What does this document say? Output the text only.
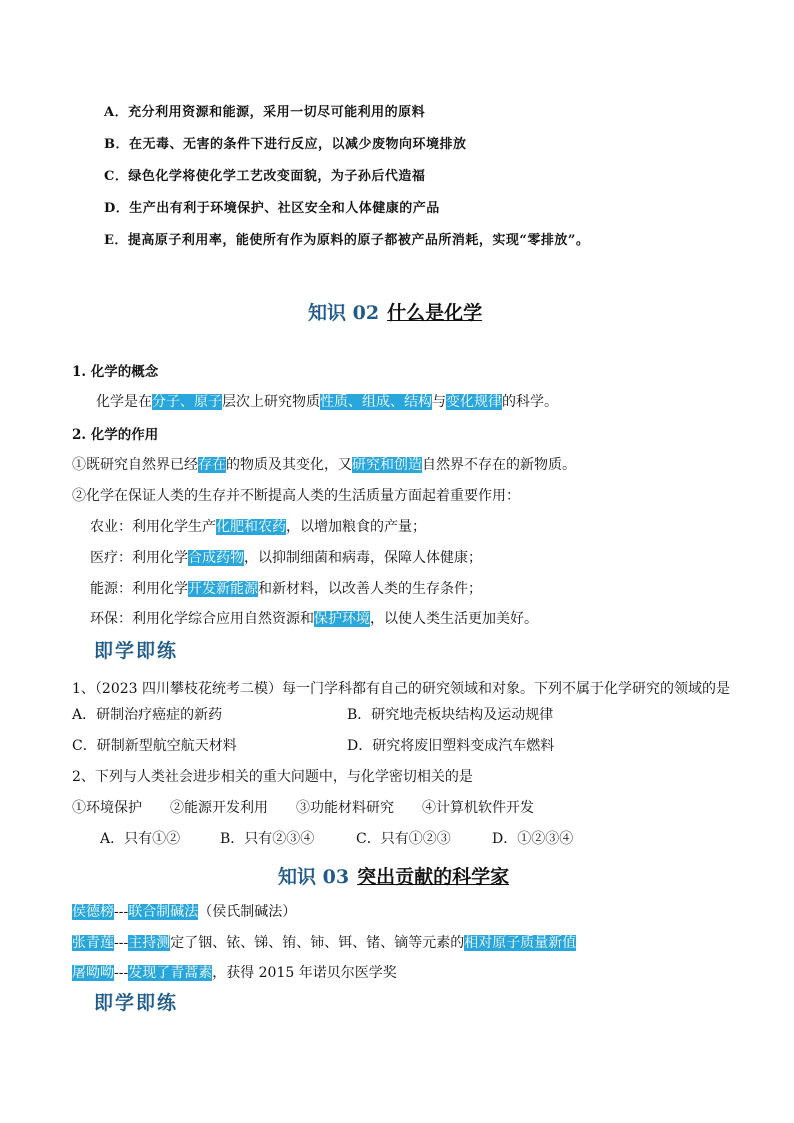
A．充分利用资源和能源，采用一切尽可能利用的原料
B．在无毒、无害的条件下进行反应，以减少废物向环境排放
C．绿色化学将使化学工艺改变面貌，为子孙后代造福
D．生产出有利于环境保护、社区安全和人体健康的产品
E．提高原子利用率，能使所有作为原料的原子都被产品所消耗，实现“零排放”。
知识 02 什么是化学
1. 化学的概念
化学是在分子、原子层次上研究物质性质、组成、结构与变化规律的科学。
2. 化学的作用
①既研究自然界已经存在的物质及其变化，又研究和创造自然界不存在的新物质。
②化学在保证人类的生存并不断提高人类的生活质量方面起着重要作用：
农业：利用化学生产化肥和农药，以增加粮食的产量；
医疗：利用化学合成药物，以抑制细菌和病毒，保障人体健康；
能源：利用化学开发新能源和新材料，以改善人类的生存条件；
环保：利用化学综合应用自然资源和保护环境，以使人类生活更加美好。
即学即练
1、（2023 四川攀枝花统考二模）每一门学科都有自己的研究领域和对象。下列不属于化学研究的领域的是
A．研制治疗癌症的新药	B．研究地壳板块结构及运动规律
C．研制新型航空航天材料	D．研究将废旧塑料变成汽车燃料
2、下列与人类社会进步相关的重大问题中，与化学密切相关的是
①环境保护 ②能源开发利用 ③功能材料研究 ④计算机软件开发
A．只有①②	B．只有②③④	C．只有①②③	D．①②③④
知识 03 突出贡献的科学家
侯德榜---联合制碱法（侯氏制碱法）
张青莲---主持测定了铟、铱、锑、铕、铈、铒、锗、镝等元素的相对原子质量新值
屠呦呦---发现了青蒿素，获得 2015 年诺贝尔医学奖
即学即练
